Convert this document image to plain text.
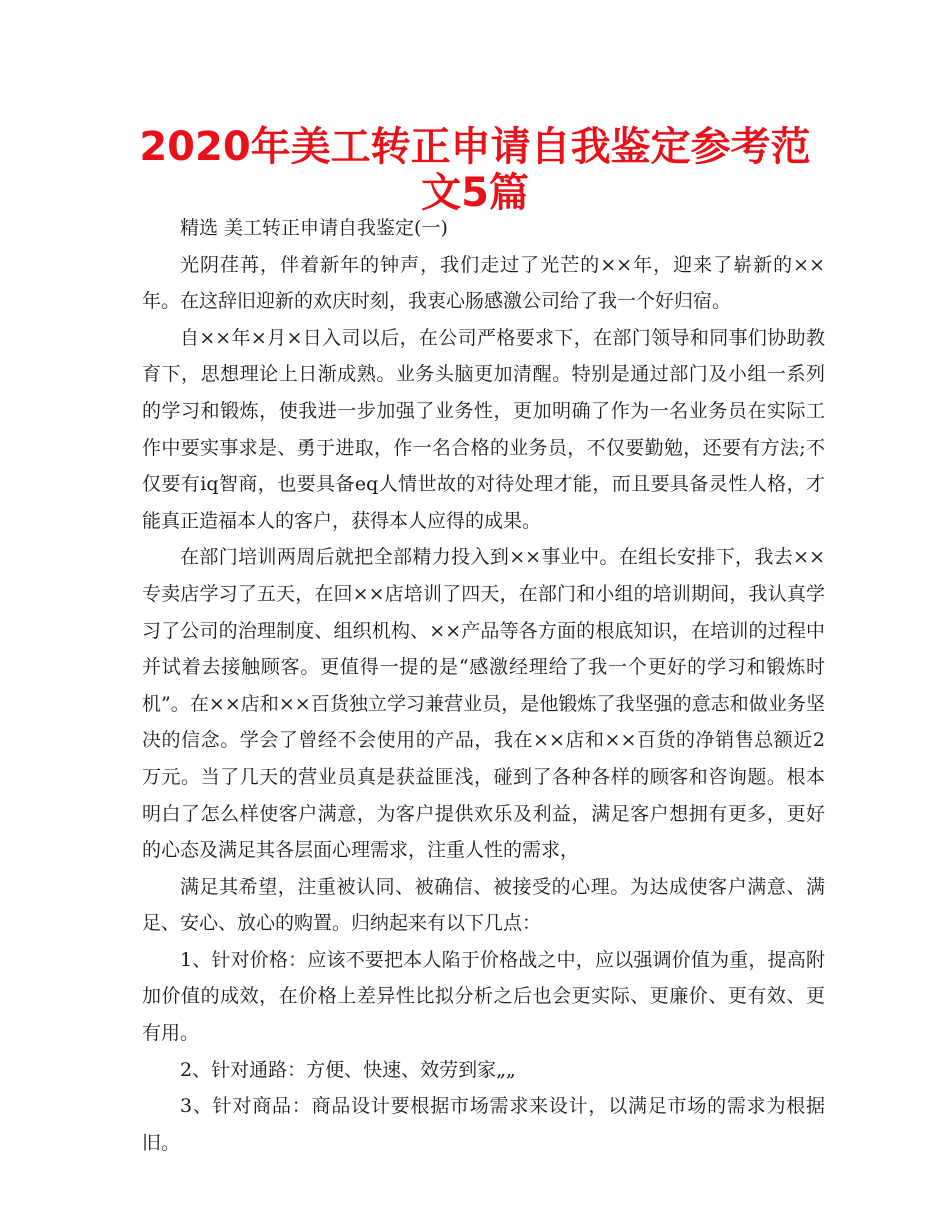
2020年美工转正申请自我鉴定参考范文5篇

精选 美工转正申请自我鉴定(一)

光阴荏苒，伴着新年的钟声，我们走过了光芒的××年，迎来了崭新的××年。在这辞旧迎新的欢庆时刻，我衷心肠感激公司给了我一个好归宿。

自××年×月×日入司以后，在公司严格要求下，在部门领导和同事们协助教育下，思想理论上日渐成熟。业务头脑更加清醒。特别是通过部门及小组一系列的学习和锻炼，使我进一步加强了业务性，更加明确了作为一名业务员在实际工作中要实事求是、勇于进取，作一名合格的业务员，不仅要勤勉，还要有方法;不仅要有iq智商，也要具备eq人情世故的对待处理才能，而且要具备灵性人格，才能真正造福本人的客户，获得本人应得的成果。

在部门培训两周后就把全部精力投入到××事业中。在组长安排下，我去××专卖店学习了五天，在回××店培训了四天，在部门和小组的培训期间，我认真学习了公司的治理制度、组织机构、××产品等各方面的根底知识，在培训的过程中并试着去接触顾客。更值得一提的是“感激经理给了我一个更好的学习和锻炼时机”。在××店和××百货独立学习兼营业员，是他锻炼了我坚强的意志和做业务坚决的信念。学会了曾经不会使用的产品，我在××店和××百货的净销售总额近2万元。当了几天的营业员真是获益匪浅，碰到了各种各样的顾客和咨询题。根本明白了怎么样使客户满意，为客户提供欢乐及利益，满足客户想拥有更多，更好的心态及满足其各层面心理需求，注重人性的需求，

满足其希望，注重被认同、被确信、被接受的心理。为达成使客户满意、满足、安心、放心的购置。归纳起来有以下几点：

1、针对价格：应该不要把本人陷于价格战之中，应以强调价值为重，提高附加价值的成效，在价格上差异性比拟分析之后也会更实际、更廉价、更有效、更有用。

2、针对通路：方便、快速、效劳到家„„

3、针对商品：商品设计要根据市场需求来设计，以满足市场的需求为根据旧。
